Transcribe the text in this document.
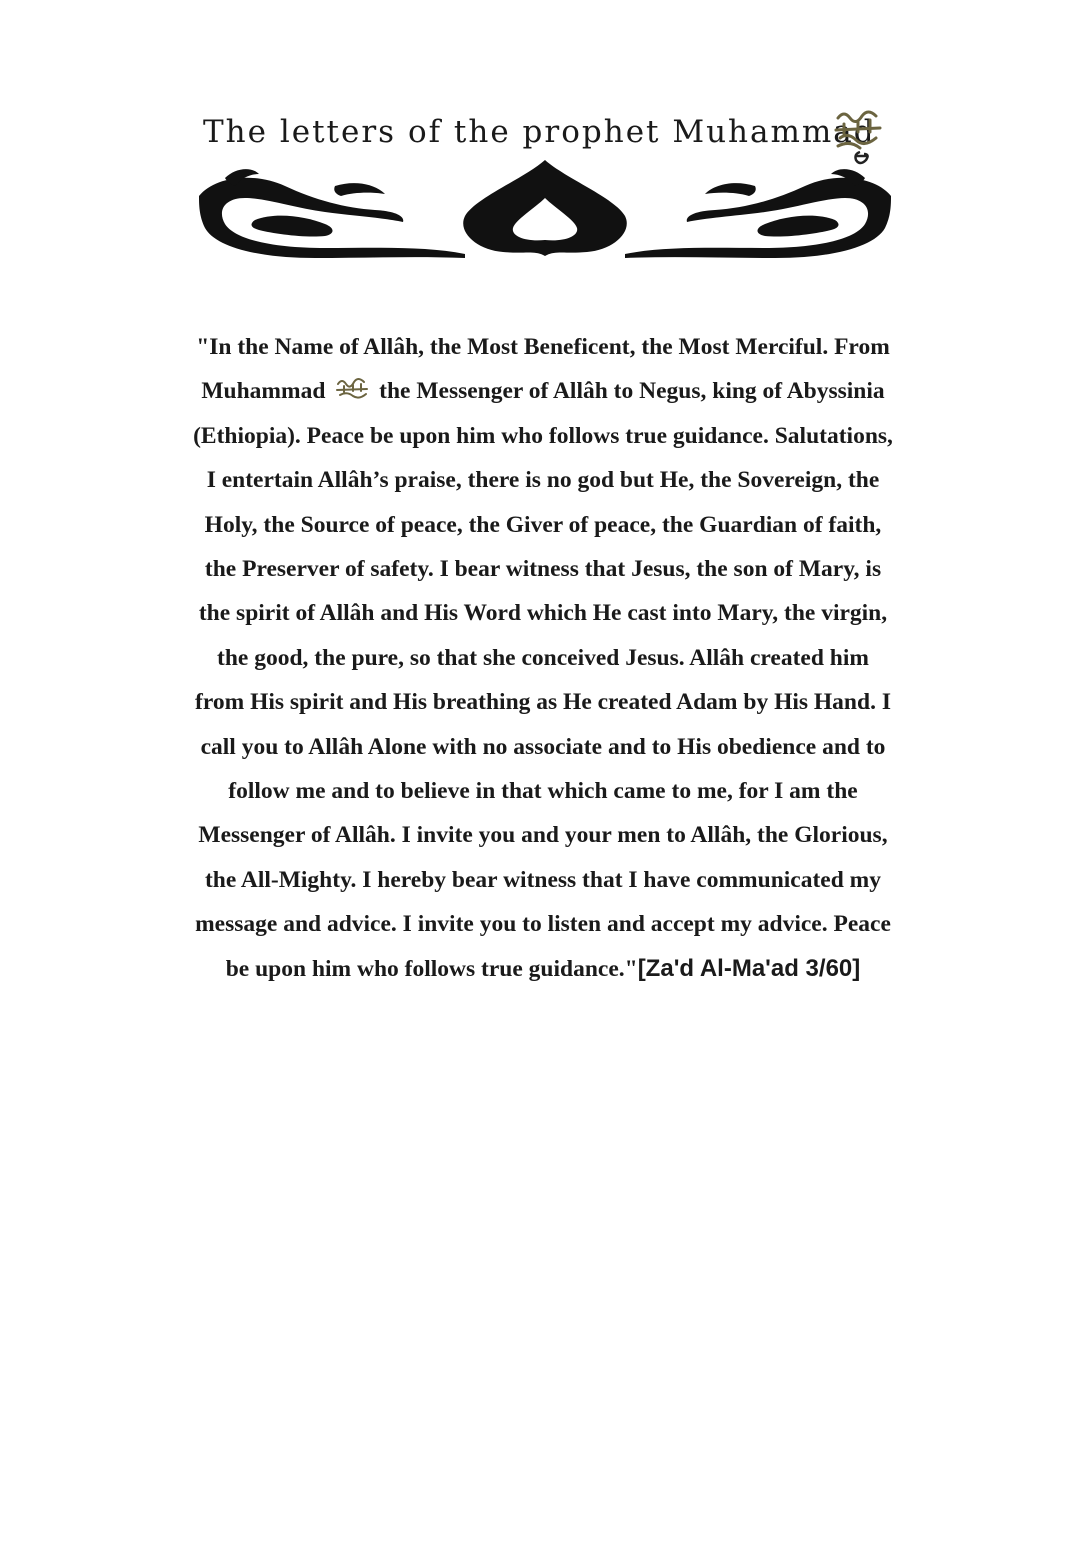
The letters of the prophet Muhammad
"In the Name of Allâh, the Most Beneficent, the Most Merciful. From Muhammad  the Messenger of Allâh to Negus, king of Abyssinia (Ethiopia). Peace be upon him who follows true guidance. Salutations, I entertain Allâh’s praise, there is no god but He, the Sovereign, the Holy, the Source of peace, the Giver of peace, the Guardian of faith, the Preserver of safety. I bear witness that Jesus, the son of Mary, is the spirit of Allâh and His Word which He cast into Mary, the virgin, the good, the pure, so that she conceived Jesus. Allâh created him from His spirit and His breathing as He created Adam by His Hand. I call you to Allâh Alone with no associate and to His obedience and to follow me and to believe in that which came to me, for I am the Messenger of Allâh. I invite you and your men to Allâh, the Glorious, the All-Mighty. I hereby bear witness that I have communicated my message and advice. I invite you to listen and accept my advice. Peace be upon him who follows true guidance."[Za'd Al-Ma'ad 3/60]
